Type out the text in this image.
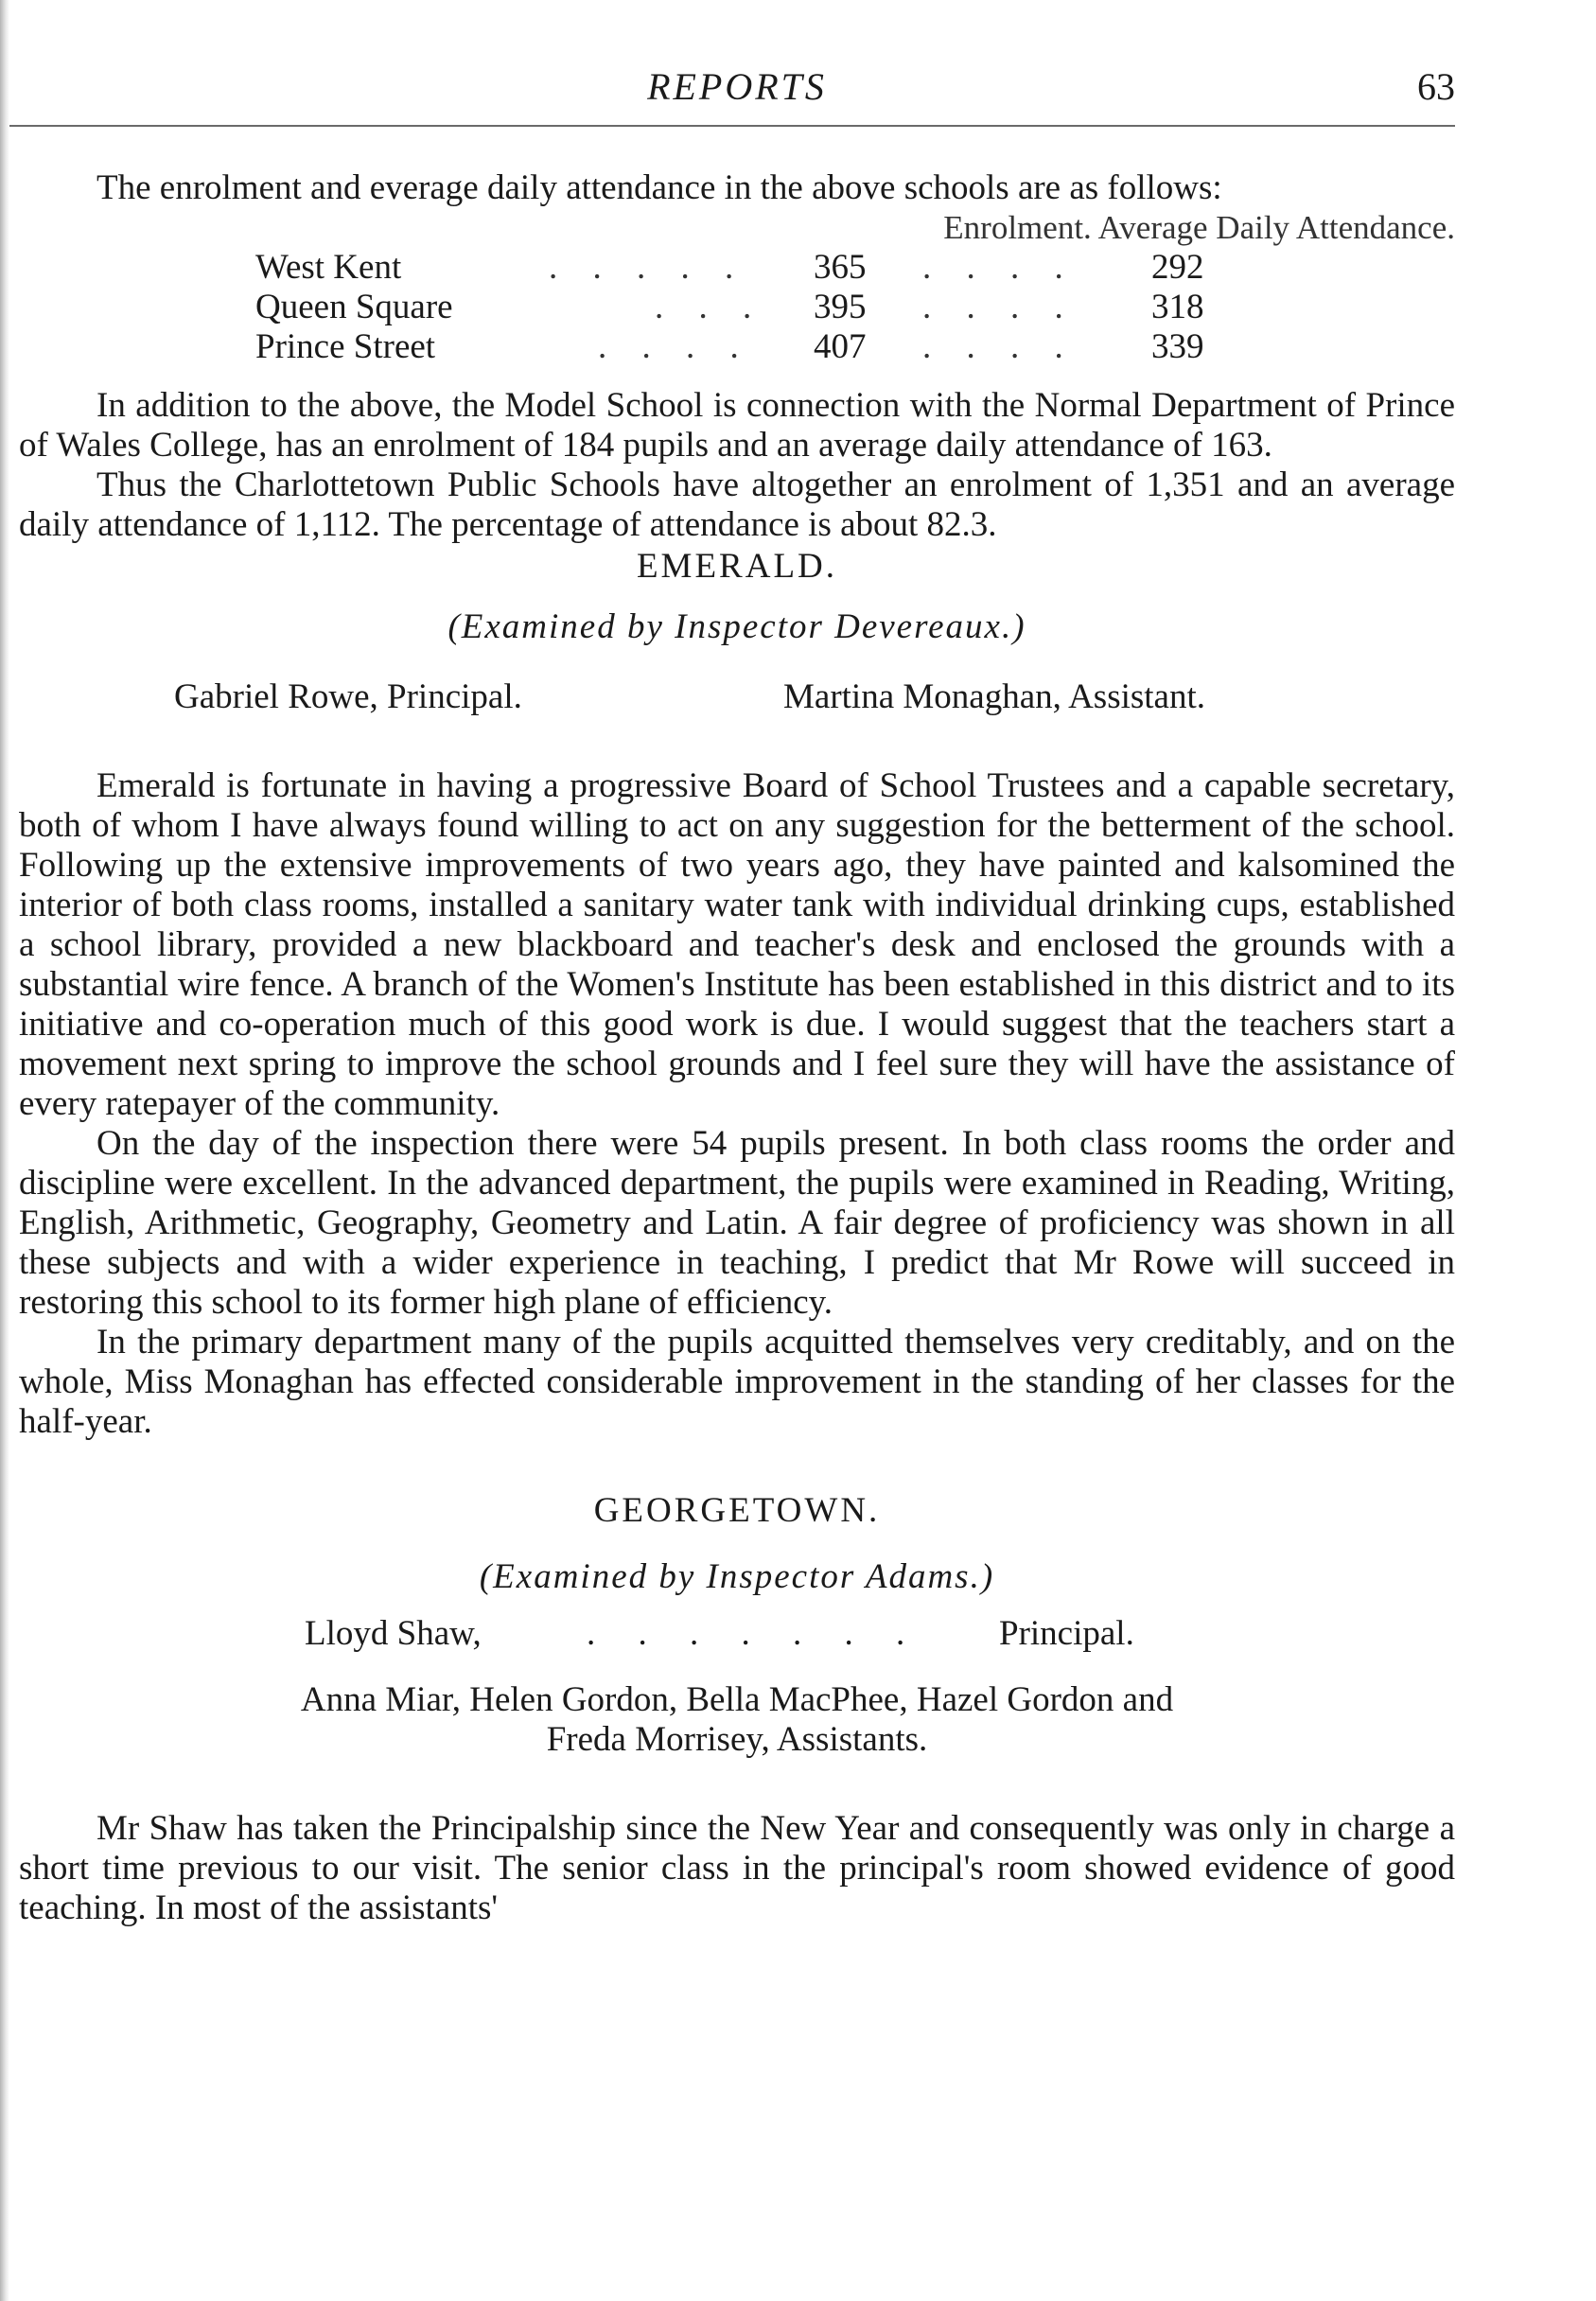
REPORTS	63

The enrolment and everage daily attendance in the above schools are as follows:

Enrolment. Average Daily Attendance.
West Kent	. . . . . 365 . . . . 292
Queen Square	. . . 395 . . . . 318
Prince Street	. . . . 407 . . . . 339

In addition to the above, the Model School is connection with the Normal Department of Prince of Wales College, has an enrolment of 184 pupils and an average daily attendance of 163.

Thus the Charlottetown Public Schools have altogether an enrolment of 1,351 and an average daily attendance of 1,112. The percentage of attendance is about 82.3.

EMERALD.
(Examined by Inspector Devereaux.)
Gabriel Rowe, Principal.	Martina Monaghan, Assistant.

Emerald is fortunate in having a progressive Board of School Trustees and a capable secretary, both of whom I have always found willing to act on any suggestion for the betterment of the school. Following up the extensive improvements of two years ago, they have painted and kalsomined the interior of both class rooms, installed a sanitary water tank with individual drinking cups, established a school library, provided a new blackboard and teacher's desk and enclosed the grounds with a substantial wire fence. A branch of the Women's Institute has been established in this district and to its initiative and co-operation much of this good work is due. I would suggest that the teachers start a movement next spring to improve the school grounds and I feel sure they will have the assistance of every ratepayer of the community.

On the day of the inspection there were 54 pupils present. In both class rooms the order and discipline were excellent. In the advanced department, the pupils were examined in Reading, Writing, English, Arithmetic, Geography, Geometry and Latin. A fair degree of proficiency was shown in all these subjects and with a wider experience in teaching, I predict that Mr Rowe will succeed in restoring this school to its former high plane of efficiency.

In the primary department many of the pupils acquitted themselves very creditably, and on the whole, Miss Monaghan has effected considerable improvement in the standing of her classes for the half-year.

GEORGETOWN.
(Examined by Inspector Adams.)
Lloyd Shaw,	. . . . . . . Principal.
Anna Miar, Helen Gordon, Bella MacPhee, Hazel Gordon and
Freda Morrisey, Assistants.

Mr Shaw has taken the Principalship since the New Year and consequently was only in charge a short time previous to our visit. The senior class in the principal's room showed evidence of good teaching. In most of the assistants'
